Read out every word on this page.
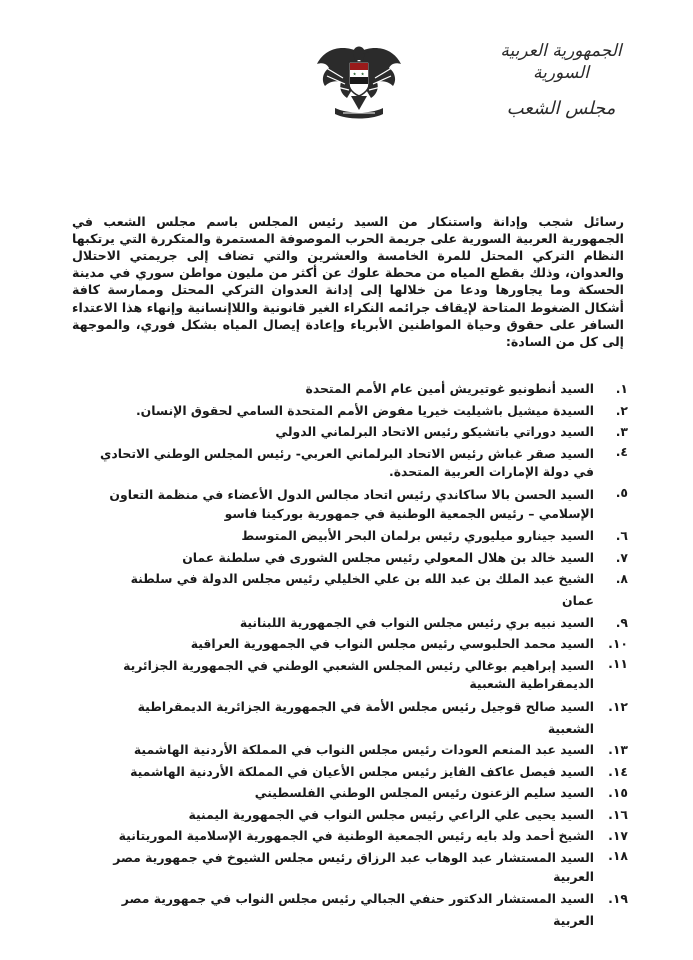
الجمهورية العربية السورية
مجلس الشعب

رسائل شجب وإدانة واستنكار من السيد رئيس المجلس باسم مجلس الشعب في الجمهورية العربية السورية على جريمة الحرب الموصوفة المستمرة والمتكررة التي يرتكبها النظام التركي المحتل للمرة الخامسة والعشرين والتي تضاف إلى جريمتي الاحتلال والعدوان، وذلك بقطع المياه من محطة علوك عن أكثر من مليون مواطن سوري في مدينة الحسكة وما يجاورها ودعا من خلالها إلى إدانة العدوان التركي المحتل وممارسة كافة أشكال الضغوط المتاحة لإيقاف جرائمه النكراء الغير قانونية واللاإنسانية وإنهاء هذا الاعتداء السافر على حقوق وحياة المواطنين الأبرياء وإعادة إيصال المياه بشكل فوري، والموجهة إلى كل من السادة:

١.
السيد أنطونيو غوتيريش أمين عام الأمم المتحدة
٢.
السيدة ميشيل باشيليت خيريا مفوض الأمم المتحدة السامي لحقوق الإنسان.
٣.
السيد دوراتي باتشيكو رئيس الاتحاد البرلماني الدولي
٤.
السيد صقر غباش رئيس الاتحاد البرلماني العربي- رئيس المجلس الوطني الاتحادي في دولة الإمارات العربية المتحدة.
٥.
السيد الحسن بالا ساكاندي رئيس اتحاد مجالس الدول الأعضاء في منظمة التعاون الإسلامي – رئيس الجمعية الوطنية في جمهورية بوركينا فاسو
٦.
السيد جينارو ميليوري رئيس برلمان البحر الأبيض المتوسط
٧.
السيد خالد بن هلال المعولي رئيس مجلس الشورى في سلطنة عمان
٨.
الشيخ عبد الملك بن عبد الله بن علي الخليلي رئيس مجلس الدولة في سلطنة عمان
٩.
السيد نبيه بري رئيس مجلس النواب في الجمهورية اللبنانية
١٠.
السيد محمد الحلبوسي رئيس مجلس النواب في الجمهورية العراقية
١١.
السيد إبراهيم بوغالي رئيس المجلس الشعبي الوطني في الجمهورية الجزائرية الديمقراطية الشعبية
١٢.
السيد صالح قوجيل رئيس مجلس الأمة في الجمهورية الجزائرية الديمقراطية الشعبية
١٣.
السيد عبد المنعم العودات رئيس مجلس النواب في المملكة الأردنية الهاشمية
١٤.
السيد فيصل عاكف الفايز رئيس مجلس الأعيان في المملكة الأردنية الهاشمية
١٥.
السيد سليم الزعنون رئيس المجلس الوطني الفلسطيني
١٦.
السيد يحيى علي الراعي رئيس مجلس النواب في الجمهورية اليمنية
١٧.
الشيخ أحمد ولد بايه رئيس الجمعية الوطنية في الجمهورية الإسلامية الموريتانية
١٨.
السيد المستشار عبد الوهاب عبد الرزاق رئيس مجلس الشيوخ في جمهورية مصر العربية
١٩.
السيد المستشار الدكتور حنفي الجبالي رئيس مجلس النواب في جمهورية مصر العربية
